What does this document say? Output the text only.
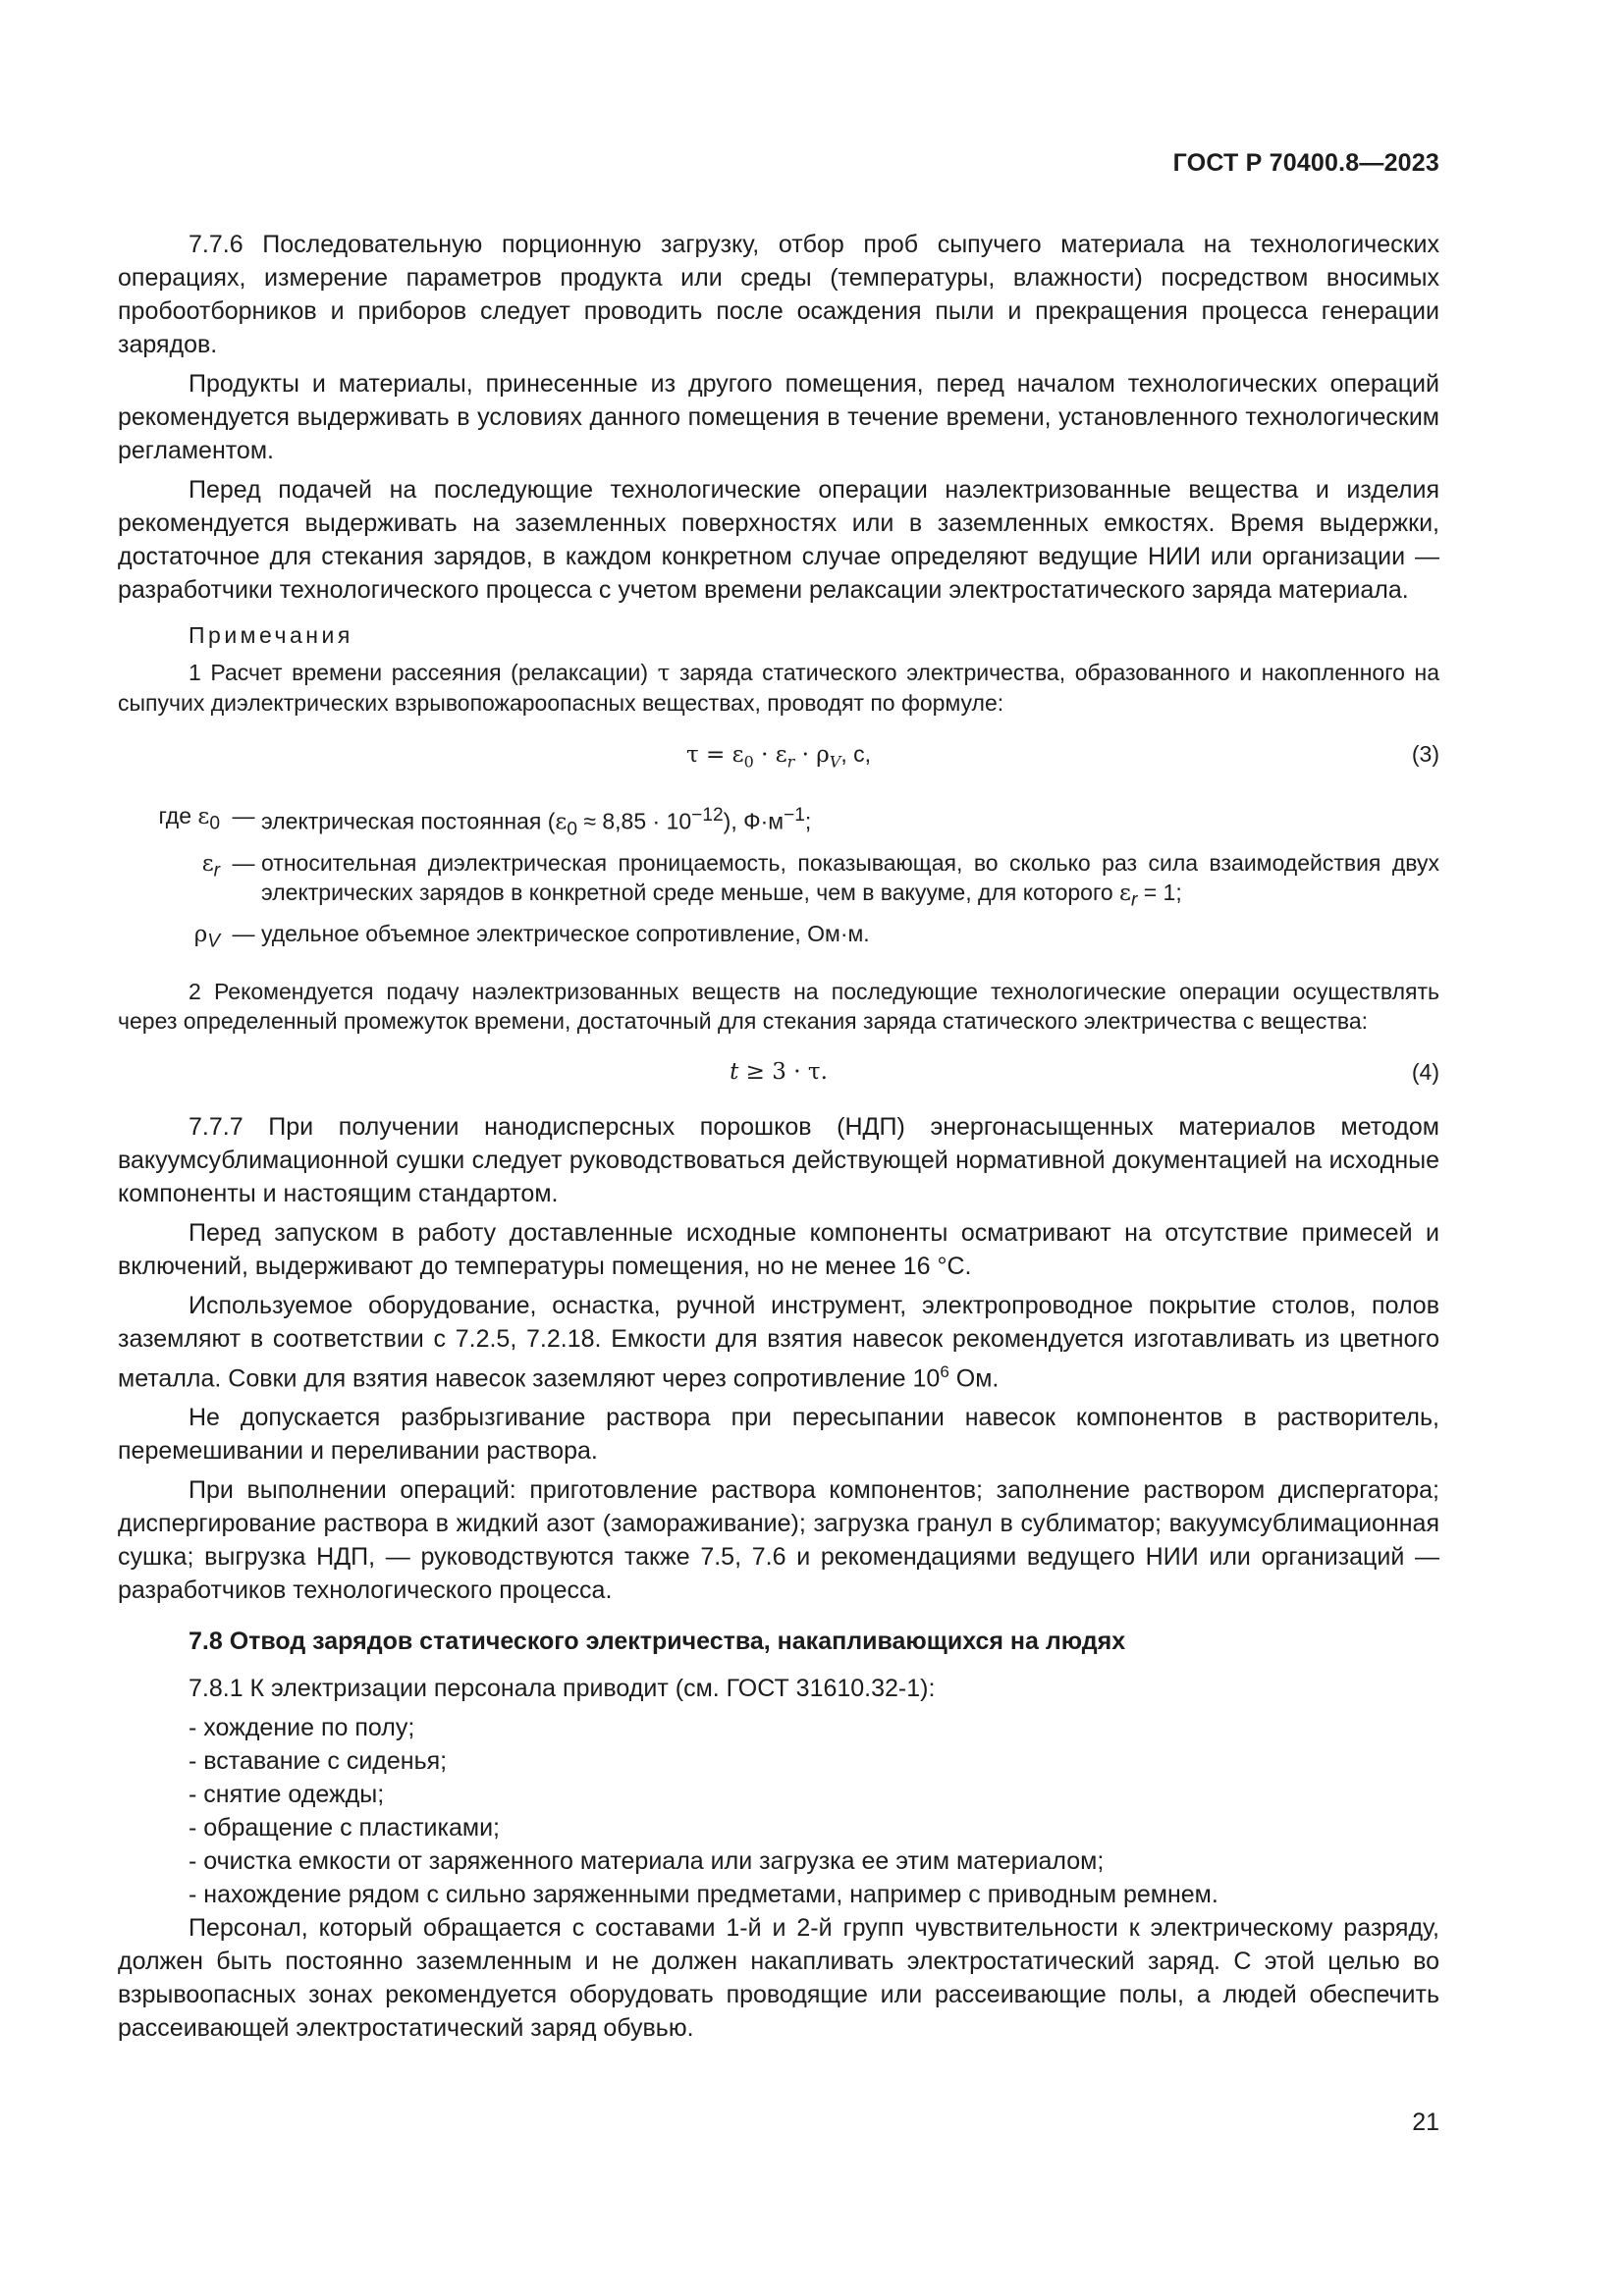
ГОСТ Р 70400.8—2023

7.7.6 Последовательную порционную загрузку, отбор проб сыпучего материала на технологических операциях, измерение параметров продукта или среды (температуры, влажности) посредством вносимых пробоотборников и приборов следует проводить после осаждения пыли и прекращения процесса генерации зарядов.

Продукты и материалы, принесенные из другого помещения, перед началом технологических операций рекомендуется выдерживать в условиях данного помещения в течение времени, установленного технологическим регламентом.

Перед подачей на последующие технологические операции наэлектризованные вещества и изделия рекомендуется выдерживать на заземленных поверхностях или в заземленных емкостях. Время выдержки, достаточное для стекания зарядов, в каждом конкретном случае определяют ведущие НИИ или организации — разработчики технологического процесса с учетом времени релаксации электростатического заряда материала.

Примечания

1 Расчет времени рассеяния (релаксации) τ заряда статического электричества, образованного и накопленного на сыпучих диэлектрических взрывопожароопасных веществах, проводят по формуле:

$\tau = \varepsilon_0 \cdot \varepsilon_r \cdot \rho_V$, с,	(3)
где $\varepsilon_0$ — электрическая постоянная $(\varepsilon_0 \approx 8,85 \cdot 10^{-12})$, $Ф\cdot м^{-1}$;
$\varepsilon_r$ — относительная диэлектрическая проницаемость, показывающая, во сколько раз сила взаимодействия двух электрических зарядов в конкретной среде меньше, чем в вакууме, для которого $\varepsilon_r = 1$;
$\rho_V$ — удельное объемное электрическое сопротивление, Ом·м.

2 Рекомендуется подачу наэлектризованных веществ на последующие технологические операции осуществлять через определенный промежуток времени, достаточный для стекания заряда статического электричества с вещества:

t ≥ 3 · τ.	(4)

7.7.7 При получении нанодисперсных порошков (НДП) энергонасыщенных материалов методом вакуумсублимационной сушки следует руководствоваться действующей нормативной документацией на исходные компоненты и настоящим стандартом.

Перед запуском в работу доставленные исходные компоненты осматривают на отсутствие примесей и включений, выдерживают до температуры помещения, но не менее 16 °С.

Используемое оборудование, оснастка, ручной инструмент, электропроводное покрытие столов, полов заземляют в соответствии с 7.2.5, 7.2.18. Емкости для взятия навесок рекомендуется изготавливать из цветного металла. Совки для взятия навесок заземляют через сопротивление $10^6$ Ом.

Не допускается разбрызгивание раствора при пересыпании навесок компонентов в растворитель, перемешивании и переливании раствора.

При выполнении операций: приготовление раствора компонентов; заполнение раствором диспергатора; диспергирование раствора в жидкий азот (замораживание); загрузка гранул в сублиматор; вакуумсублимационная сушка; выгрузка НДП, — руководствуются также 7.5, 7.6 и рекомендациями ведущего НИИ или организаций — разработчиков технологического процесса.

7.8 Отвод зарядов статического электричества, накапливающихся на людях

7.8.1 К электризации персонала приводит (см. ГОСТ 31610.32-1):

- хождение по полу;
- вставание с сиденья;
- снятие одежды;
- обращение с пластиками;
- очистка емкости от заряженного материала или загрузка ее этим материалом;
- нахождение рядом с сильно заряженными предметами, например с приводным ремнем.

Персонал, который обращается с составами 1-й и 2-й групп чувствительности к электрическому разряду, должен быть постоянно заземленным и не должен накапливать электростатический заряд. С этой целью во взрывоопасных зонах рекомендуется оборудовать проводящие или рассеивающие полы, а людей обеспечить рассеивающей электростатический заряд обувью.

21
